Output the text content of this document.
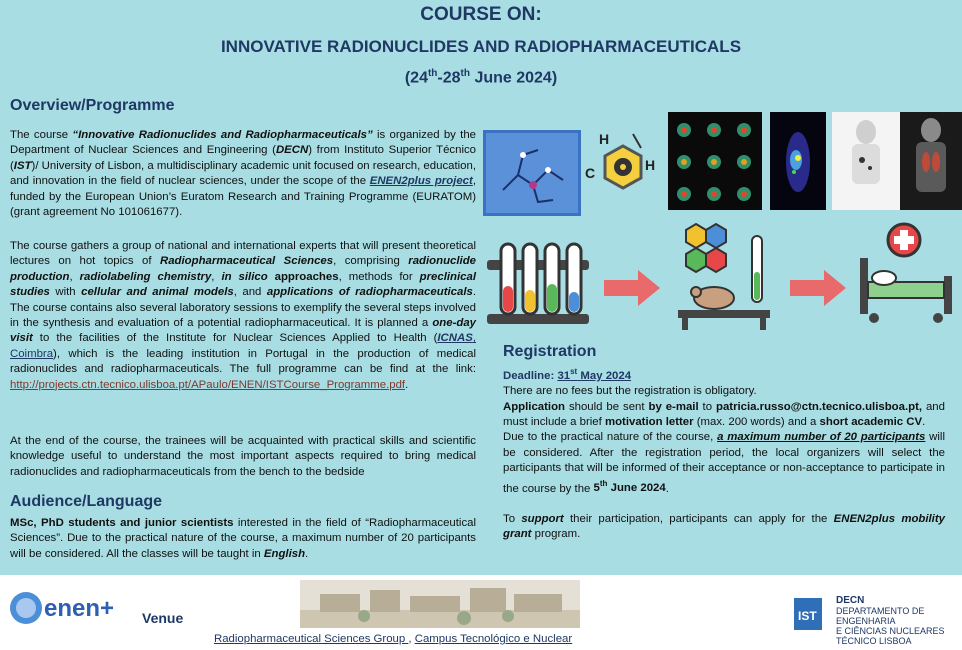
COURSE ON:
INNOVATIVE RADIONUCLIDES AND RADIOPHARMACEUTICALS
(24th-28th June 2024)
Overview/Programme
The course “Innovative Radionuclides and Radiopharmaceuticals” is organized by the Department of Nuclear Sciences and Engineering (DECN) from Instituto Superior Técnico (IST)/ University of Lisbon, a multidisciplinary academic unit focused on research, education, and innovation in the field of nuclear sciences, under the scope of the ENEN2plus project, funded by the European Union’s Euratom Research and Training Programme (EURATOM) (grant agreement No 101061677).
The course gathers a group of national and international experts that will present theoretical lectures on hot topics of Radiopharmaceutical Sciences, comprising radionuclide production, radiolabeling chemistry, in silico approaches, methods for preclinical studies with cellular and animal models, and applications of radiopharmaceuticals. The course contains also several laboratory sessions to exemplify the several steps involved in the synthesis and evaluation of a potential radiopharmaceutical. It is planned a one-day visit to the facilities of the Institute for Nuclear Sciences Applied to Health (ICNAS, Coimbra), which is the leading institution in Portugal in the production of medical radionuclides and radiopharmaceuticals. The full programme can be find at the link: http://projects.ctn.tecnico.ulisboa.pt/APaulo/ENEN/ISTCourse_Programme.pdf.
At the end of the course, the trainees will be acquainted with practical skills and scientific knowledge useful to understand the most important aspects required to bring medical radionuclides and radiopharmaceuticals from the bench to the bedside
Audience/Language
MSc, PhD students and junior scientists interested in the field of “Radiopharmaceutical Sciences”. Due to the practical nature of the course, a maximum number of 20 participants will be considered. All the classes will be taught in English.
Registration
Deadline: 31st May 2024
There are no fees but the registration is obligatory.
Application should be sent by e-mail to patricia.russo@ctn.tecnico.ulisboa.pt, and must include a brief motivation letter (max. 200 words) and a short academic CV.
Due to the practical nature of the course, a maximum number of 20 participants will be considered. After the registration period, the local organizers will select the participants that will be informed of their acceptance or non-acceptance to participate in the course by the 5th June 2024.
To support their participation, participants can apply for the ENEN2plus mobility grant program.
H
C	H
enen+ Venue
Radiopharmaceutical Sciences Group , Campus Tecnológico e Nuclear
IST
DECN
DEPARTAMENTO DE ENGENHARIA
E CIÊNCIAS NUCLEARES
TÉCNICO LISBOA
